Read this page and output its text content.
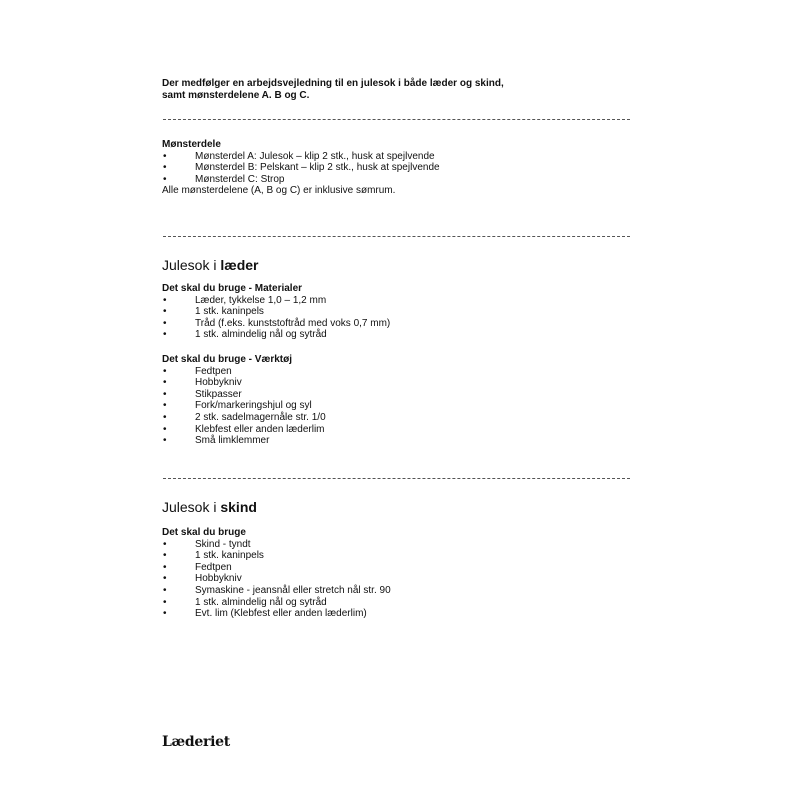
Der medfølger en arbejdsvejledning til en julesok i både læder og skind,
samt mønsterdelene A. B og C.
Mønsterdele
•	Mønsterdel A: Julesok – klip 2 stk., husk at spejlvende
•	Mønsterdel B: Pelskant – klip 2 stk., husk at spejlvende
•	Mønsterdel C: Strop
Alle mønsterdelene (A, B og C) er inklusive sømrum.
Julesok i læder
Det skal du bruge - Materialer
•	Læder, tykkelse 1,0 – 1,2 mm
•	1 stk. kaninpels
•	Tråd (f.eks. kunststoftråd med voks 0,7 mm)
•	1 stk. almindelig nål og sytråd
Det skal du bruge - Værktøj
•	Fedtpen
•	Hobbykniv
•	Stikpasser
•	Fork/markeringshjul og syl
•	2 stk. sadelmagernåle str. 1/0
•	Klebfest eller anden læderlim
•	Små limklemmer
Julesok i skind
Det skal du bruge
•	Skind - tyndt
•	1 stk. kaninpels
•	Fedtpen
•	Hobbykniv
•	Symaskine - jeansnål eller stretch nål str. 90
•	1 stk. almindelig nål og sytråd
•	Evt. lim (Klebfest eller anden læderlim)
Læderiet
